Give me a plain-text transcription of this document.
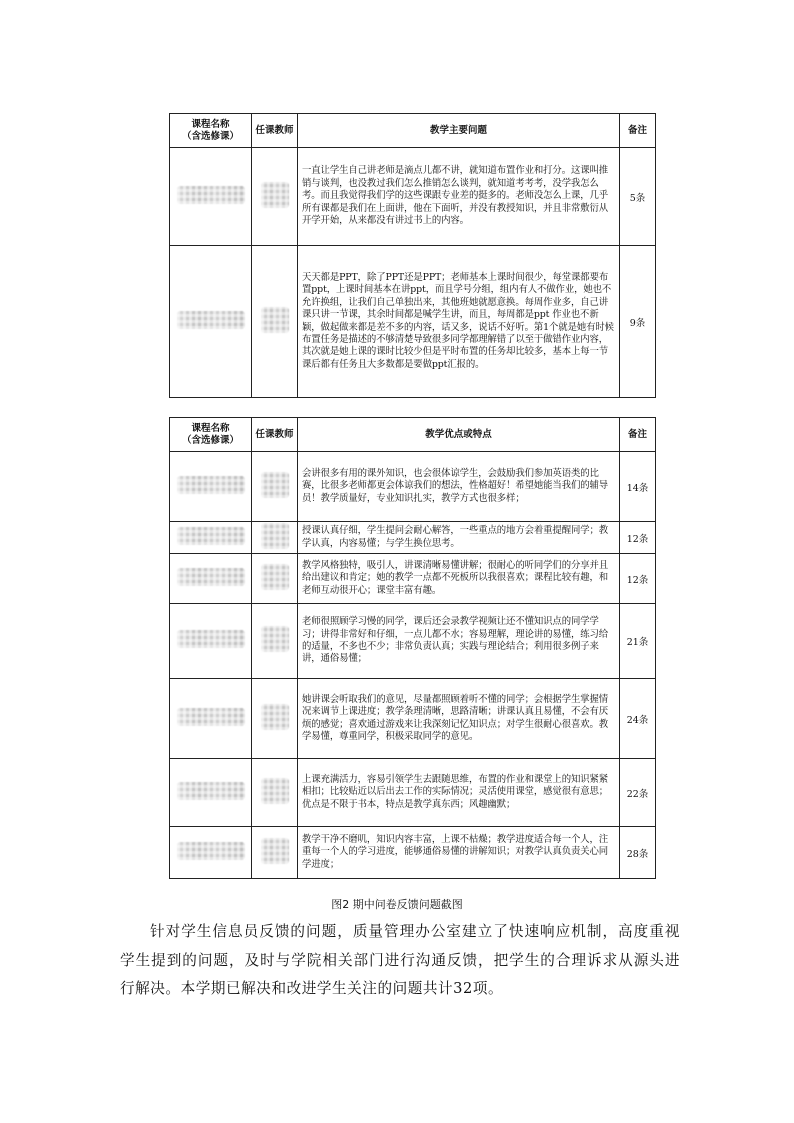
课程名称
（含选修课）	任课教师	教学主要问题	备注
		一直让学生自己讲老师是滴点儿都不讲，就知道布置作业和打分。这课叫推销与谈判，也没教过我们怎么推销怎么谈判，就知道考考考，没学我怎么考。而且我觉得我们学的这些课跟专业差的挺多的。老师没怎么上课，几乎所有课都是我们在上面讲，他在下面听，并没有教授知识，并且非常敷衍从开学开始，从来都没有讲过书上的内容。	5条
		天天都是PPT，除了PPT还是PPT；老师基本上课时间很少，每堂课都要布置ppt，上课时间基本在讲ppt，而且学号分组，组内有人不做作业，她也不允许换组，让我们自己单独出来，其他班她就愿意换。每周作业多，自己讲课只讲一节课，其余时间都是喊学生讲，而且，每周都是ppt 作业也不新颖，做起做来都是差不多的内容，话又多，说话不好听。第1个就是她有时候布置任务是描述的不够清楚导致很多同学都理解错了以至于做错作业内容，其次就是她上课的课时比较少但是平时布置的任务却比较多，基本上每一节课后都有任务且大多数都是要做ppt汇报的。	9条
课程名称
（含选修课）	任课教师	教学优点或特点	备注
		会讲很多有用的课外知识，也会很体谅学生，会鼓励我们参加英语类的比赛，比很多老师都更会体谅我们的想法，性格超好！希望她能当我们的辅导员！教学质量好，专业知识扎实，教学方式也很多样；	14条
		授课认真仔细，学生提问会耐心解答，一些重点的地方会着重提醒同学；教学认真，内容易懂；与学生换位思考。	12条
		教学风格独特，吸引人，讲课清晰易懂讲解；很耐心的听同学们的分享并且给出建议和肯定；她的教学一点都不死板所以我很喜欢；课程比较有趣，和老师互动很开心；课堂丰富有趣。	12条
		老师很照顾学习慢的同学，课后还会录教学视频让还不懂知识点的同学学习；讲得非常好和仔细，一点儿都不水；容易理解，理论讲的易懂，练习给的适量，不多也不少；非常负责认真；实践与理论结合；利用很多例子来讲，通俗易懂；	21条
		她讲课会听取我们的意见，尽量都照顾着听不懂的同学；会根据学生掌握情况来调节上课进度；教学条理清晰，思路清晰；讲课认真且易懂，不会有厌烦的感觉；喜欢通过游戏来让我深刻记忆知识点；对学生很耐心很喜欢。教学易懂，尊重同学，积极采取同学的意见。	24条
		上课充满活力，容易引领学生去跟随思维，布置的作业和课堂上的知识紧紧相扣；比较贴近以后出去工作的实际情况；灵活使用课堂，感觉很有意思；优点是不限于书本，特点是教学真东西；风趣幽默；	22条
		教学干净不磨叽，知识内容丰富，上课不枯燥；教学进度适合每一个人，注重每一个人的学习进度，能够通俗易懂的讲解知识；对教学认真负责关心同学进度；	28条
图2 期中问卷反馈问题截图
针对学生信息员反馈的问题，质量管理办公室建立了快速响应机制，高度重视学生提到的问题，及时与学院相关部门进行沟通反馈，把学生的合理诉求从源头进行解决。本学期已解决和改进学生关注的问题共计32项。
